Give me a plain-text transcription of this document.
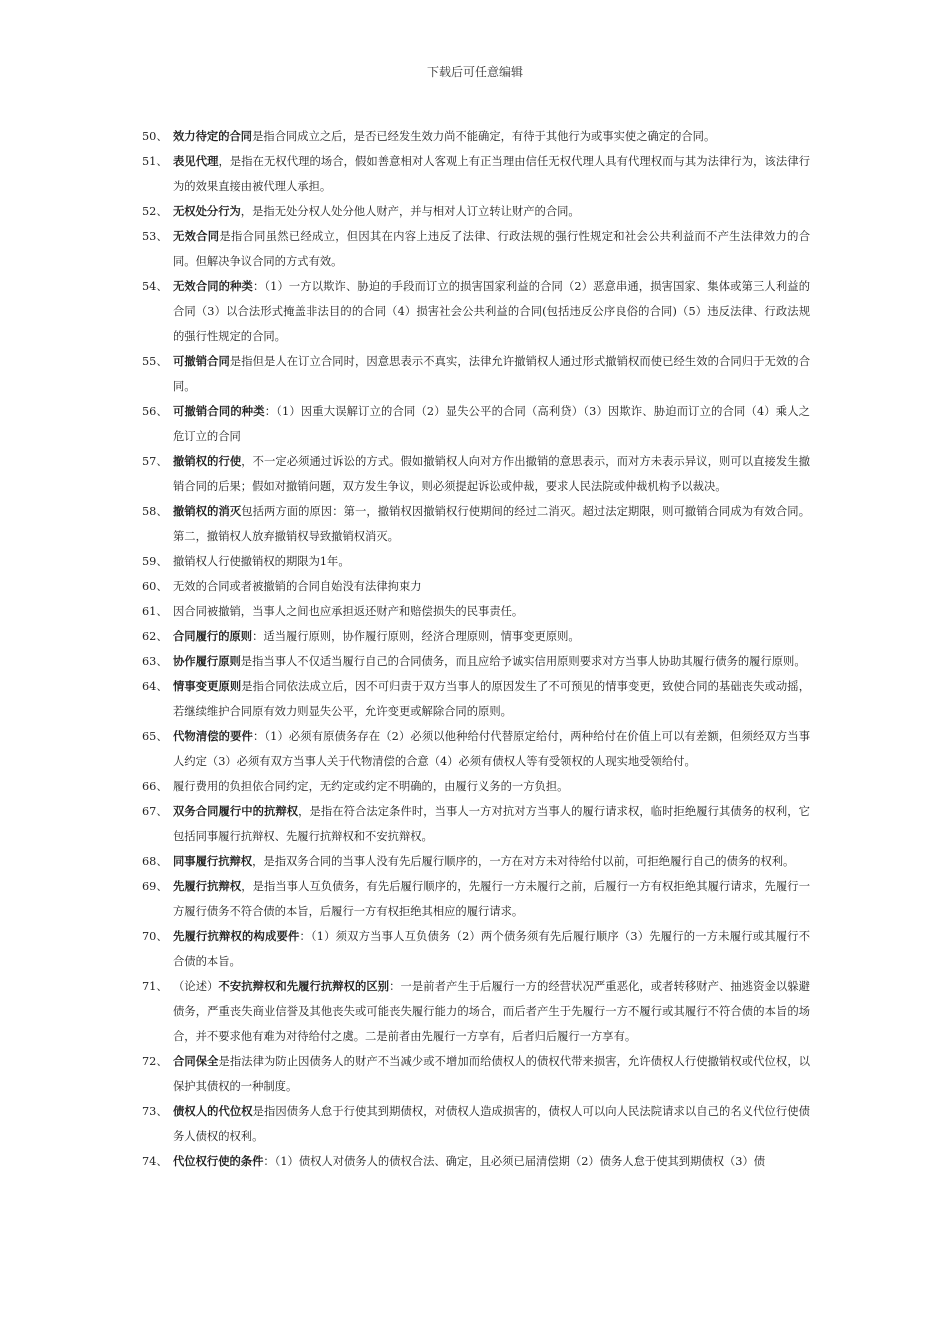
下载后可任意编辑
50、 效力待定的合同是指合同成立之后，是否已经发生效力尚不能确定，有待于其他行为或事实使之确定的合同。
51、 表见代理，是指在无权代理的场合，假如善意相对人客观上有正当理由信任无权代理人具有代理权而与其为法律行为，该法律行为的效果直接由被代理人承担。
52、 无权处分行为，是指无处分权人处分他人财产，并与相对人订立转让财产的合同。
53、 无效合同是指合同虽然已经成立，但因其在内容上违反了法律、行政法规的强行性规定和社会公共利益而不产生法律效力的合同。但解决争议合同的方式有效。
54、 无效合同的种类：（1）一方以欺诈、胁迫的手段而订立的损害国家利益的合同（2）恶意串通，损害国家、集体或第三人利益的合同（3）以合法形式掩盖非法目的的合同（4）损害社会公共利益的合同(包括违反公序良俗的合同)（5）违反法律、行政法规的强行性规定的合同。
55、 可撤销合同是指但是人在订立合同时，因意思表示不真实，法律允许撤销权人通过形式撤销权而使已经生效的合同归于无效的合同。
56、 可撤销合同的种类：（1）因重大误解订立的合同（2）显失公平的合同（高利贷）（3）因欺诈、胁迫而订立的合同（4）乘人之危订立的合同
57、 撤销权的行使，不一定必须通过诉讼的方式。假如撤销权人向对方作出撤销的意思表示，而对方未表示异议，则可以直接发生撤销合同的后果；假如对撤销问题，双方发生争议，则必须提起诉讼或仲裁，要求人民法院或仲裁机构予以裁决。
58、 撤销权的消灭包括两方面的原因：第一，撤销权因撤销权行使期间的经过二消灭。超过法定期限，则可撤销合同成为有效合同。第二，撤销权人放弃撤销权导致撤销权消灭。
59、 撤销权人行使撤销权的期限为1年。
60、 无效的合同或者被撤销的合同自始没有法律拘束力
61、 因合同被撤销，当事人之间也应承担返还财产和赔偿损失的民事责任。
62、 合同履行的原则：适当履行原则，协作履行原则，经济合理原则，情事变更原则。
63、 协作履行原则是指当事人不仅适当履行自己的合同债务，而且应给予诚实信用原则要求对方当事人协助其履行债务的履行原则。
64、 情事变更原则是指合同依法成立后，因不可归责于双方当事人的原因发生了不可预见的情事变更，致使合同的基础丧失或动摇，若继续维护合同原有效力则显失公平，允许变更或解除合同的原则。
65、 代物清偿的要件：（1）必须有原债务存在（2）必须以他种给付代替原定给付，两种给付在价值上可以有差额，但须经双方当事人约定（3）必须有双方当事人关于代物清偿的合意（4）必须有债权人等有受领权的人现实地受领给付。
66、 履行费用的负担依合同约定，无约定或约定不明确的，由履行义务的一方负担。
67、 双务合同履行中的抗辩权，是指在符合法定条件时，当事人一方对抗对方当事人的履行请求权，临时拒绝履行其债务的权利，它包括同事履行抗辩权、先履行抗辩权和不安抗辩权。
68、 同事履行抗辩权，是指双务合同的当事人没有先后履行顺序的，一方在对方未对待给付以前，可拒绝履行自己的债务的权利。
69、 先履行抗辩权，是指当事人互负债务，有先后履行顺序的，先履行一方未履行之前，后履行一方有权拒绝其履行请求，先履行一方履行债务不符合债的本旨，后履行一方有权拒绝其相应的履行请求。
70、 先履行抗辩权的构成要件：（1）须双方当事人互负债务（2）两个债务须有先后履行顺序（3）先履行的一方未履行或其履行不合债的本旨。
71、 （论述）不安抗辩权和先履行抗辩权的区别：一是前者产生于后履行一方的经营状况严重恶化，或者转移财产、抽逃资金以躲避债务，严重丧失商业信誉及其他丧失或可能丧失履行能力的场合，而后者产生于先履行一方不履行或其履行不符合债的本旨的场合，并不要求他有难为对待给付之虞。二是前者由先履行一方享有，后者归后履行一方享有。
72、 合同保全是指法律为防止因债务人的财产不当减少或不增加而给债权人的债权代带来损害，允许债权人行使撤销权或代位权，以保护其债权的一种制度。
73、 债权人的代位权是指因债务人怠于行使其到期债权，对债权人造成损害的，债权人可以向人民法院请求以自己的名义代位行使债务人债权的权利。
74、 代位权行使的条件：（1）债权人对债务人的债权合法、确定，且必须已届清偿期（2）债务人怠于使其到期债权（3）债
